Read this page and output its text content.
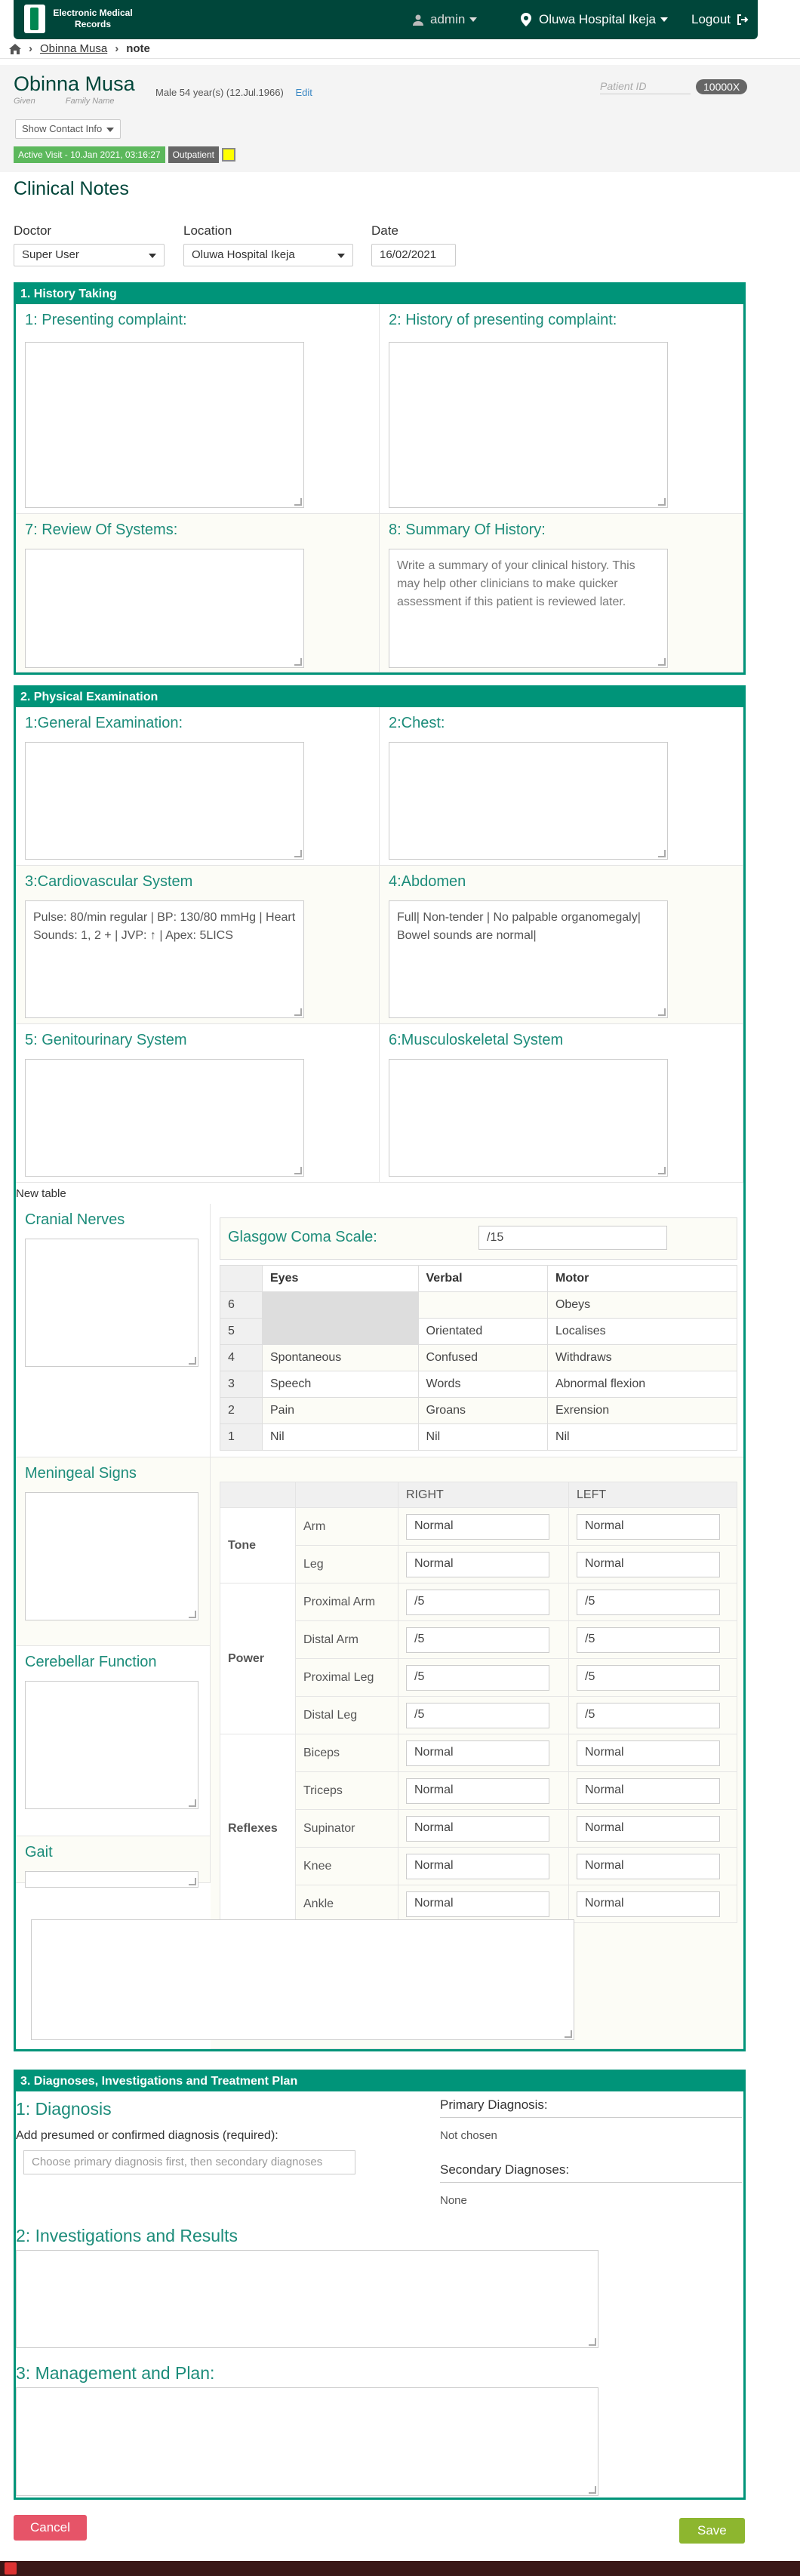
Electronic Medical Records	admin	Oluwa Hospital Ikeja	Logout
› Obinna Musa › note
Obinna Musa
Given	Family Name
Male 54 year(s) (12.Jul.1966) Edit
Patient ID	10000X
Show Contact Info
Active Visit - 10.Jan 2021, 03:16:27	Outpatient
Clinical Notes
Doctor
Super User
Location
Oluwa Hospital Ikeja
Date
16/02/2021
1. History Taking
1: Presenting complaint:	2: History of presenting complaint:
7: Review Of Systems:	8: Summary Of History:
Write a summary of your clinical history. This may help other clinicians to make quicker assessment if this patient is reviewed later.
2. Physical Examination
1:General Examination:	2:Chest:
3:Cardiovascular System
Pulse: 80/min regular | BP: 130/80 mmHg | Heart Sounds: 1, 2 + | JVP: ↑ | Apex: 5LICS
4:Abdomen
Full| Non-tender | No palpable organomegaly| Bowel sounds are normal|
5: Genitourinary System	6:Musculoskeletal System
New table
Cranial Nerves
Meningeal Signs
Cerebellar Function
Gait
Glasgow Coma Scale:	/15
	Eyes	Verbal	Motor
6			Obeys
5		Orientated	Localises
4	Spontaneous	Confused	Withdraws
3	Speech	Words	Abnormal flexion
2	Pain	Groans	Exrension
1	Nil	Nil	Nil
		RIGHT	LEFT
Tone	Arm	Normal	Normal

	Leg	Normal	Normal

Power	Proximal Arm	/5	/5

	Distal Arm	/5	/5

	Proximal Leg	/5	/5

	Distal Leg	/5	/5

Reflexes	Biceps	Normal	Normal

	Triceps	Normal	Normal

	Supinator	Normal	Normal

	Knee	Normal	Normal

	Ankle	Normal	Normal
3. Diagnoses, Investigations and Treatment Plan
1: Diagnosis
Add presumed or confirmed diagnosis (required):
Choose primary diagnosis first, then secondary diagnoses
Primary Diagnosis:
Not chosen
Secondary Diagnoses:
None
2: Investigations and Results
3: Management and Plan:
Cancel	Save
